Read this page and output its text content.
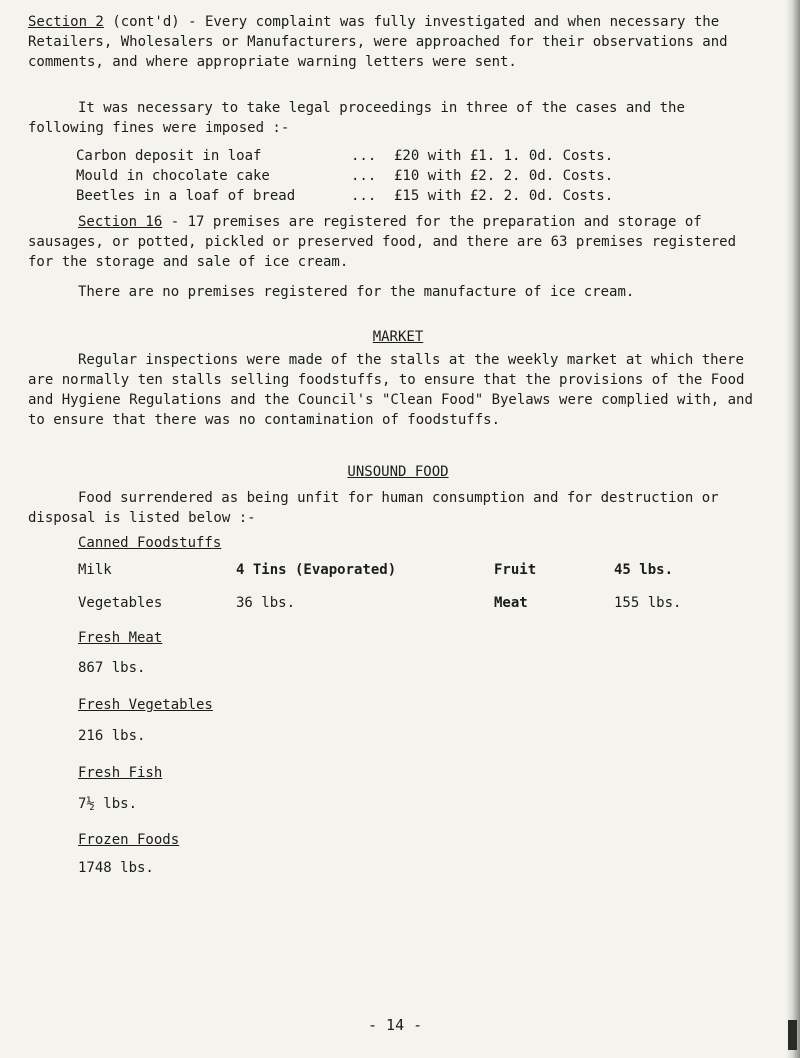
Section 2 (cont'd) - Every complaint was fully investigated and when necessary the Retailers, Wholesalers or Manufacturers, were approached for their observations and comments, and where appropriate warning letters were sent.

It was necessary to take legal proceedings in three of the cases and the following fines were imposed :-

Carbon deposit in loaf	... £20 with £1. 1. 0d. Costs.
Mould in chocolate cake	... £10 with £2. 2. 0d. Costs.
Beetles in a loaf of bread	... £15 with £2. 2. 0d. Costs.

Section 16 - 17 premises are registered for the preparation and storage of sausages, or potted, pickled or preserved food, and there are 63 premises registered for the storage and sale of ice cream.

There are no premises registered for the manufacture of ice cream.

MARKET

Regular inspections were made of the stalls at the weekly market at which there are normally ten stalls selling foodstuffs, to ensure that the provisions of the Food and Hygiene Regulations and the Council's "Clean Food" Byelaws were complied with, and to ensure that there was no contamination of foodstuffs.

UNSOUND FOOD

Food surrendered as being unfit for human consumption and for destruction or disposal is listed below :-

Canned Foodstuffs
Milk	4 Tins (Evaporated)	Fruit	45 lbs.
Vegetables	36 lbs.	Meat	155 lbs.
Fresh Meat
867 lbs.
Fresh Vegetables
216 lbs.
Fresh Fish
7½ lbs.
Frozen Foods
1748 lbs.
- 14 -
